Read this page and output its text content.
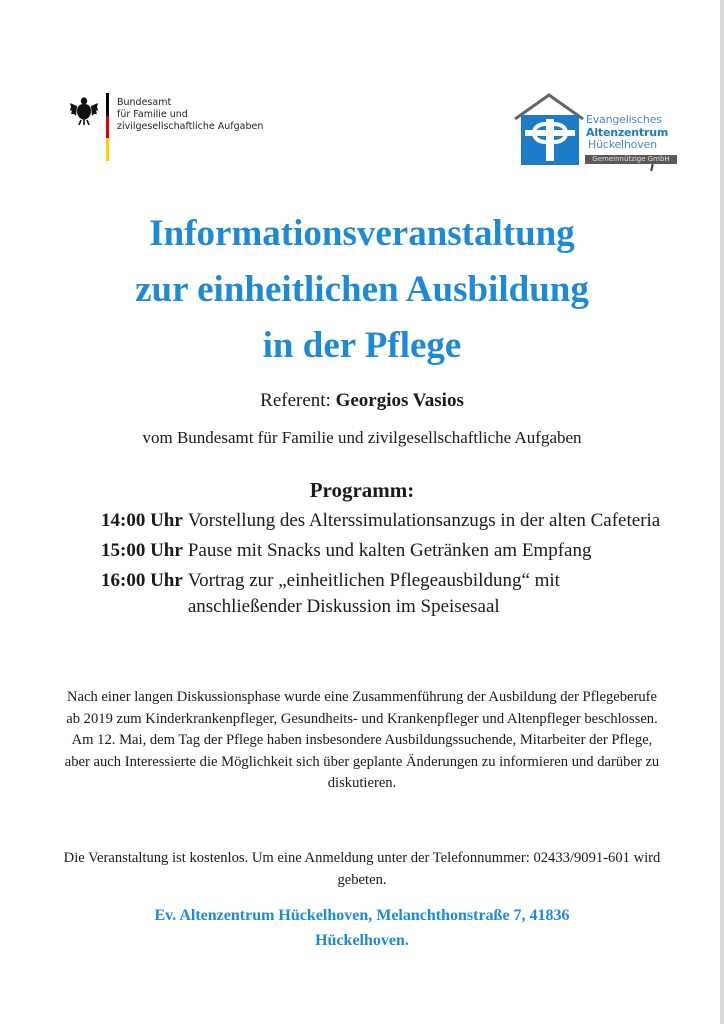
Bundesamt
für Familie und
zivilgesellschaftliche Aufgaben
Evangelisches
Altenzentrum
Hückelhoven
Gemeinnützige GmbH
Informationsveranstaltung
zur einheitlichen Ausbildung
in der Pflege
Referent: Georgios Vasios
vom Bundesamt für Familie und zivilgesellschaftliche Aufgaben
Programm:
14:00 Uhr Vorstellung des Alterssimulationsanzugs in der alten Cafeteria
15:00 Uhr Pause mit Snacks und kalten Getränken am Empfang
16:00 Uhr Vortrag zur „einheitlichen Pflegeausbildung“ mit anschließender Diskussion im Speisesaal
Nach einer langen Diskussionsphase wurde eine Zusammenführung der Ausbildung der Pflegeberufe ab 2019 zum Kinderkrankenpfleger, Gesundheits- und Krankenpfleger und Altenpfleger beschlossen.
Am 12. Mai, dem Tag der Pflege haben insbesondere Ausbildungssuchende, Mitarbeiter der Pflege, aber auch Interessierte die Möglichkeit sich über geplante Änderungen zu informieren und darüber zu diskutieren.
Die Veranstaltung ist kostenlos. Um eine Anmeldung unter der Telefonnummer: 02433/9091-601 wird gebeten.
Ev. Altenzentrum Hückelhoven, Melanchthonstraße 7, 41836
Hückelhoven.
